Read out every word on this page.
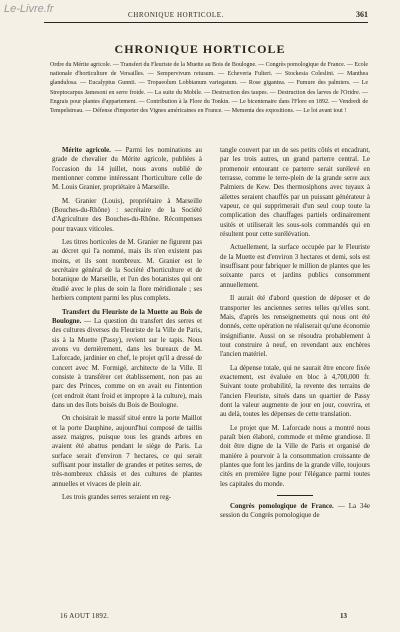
Le-Livre.fr	CHRONIQUE HORTICOLE.	361
CHRONIQUE HORTICOLE

Ordre du Mérite agricole. — Transfert du Fleuriste de la Muette au Bois de Boulogne. — Congrès pomologique de France. — Ecole nationale d'horticulture de Versailles. — Sempervivum retusum. — Echeveria Fulteri. — Stockesia Coleslini. — Manthea glandulosa. — Eucalyptus Gunnii. — Tropaeolum Lobbianum variegatum. — Rose gigantea. — Fumure des palmiers. — Le Streptocarpus Jamesoni en serre froide. — La suite du Mobile. — Destruction des taupes. — Destruction des larves de l'Oridre. — Engrais pour plantes d'appartement. — Contribution à la Flore du Tonkin. — Le bicentenaire dans l'Flore en 1892. — Vendredi de Tempelstreau. — Défense d'importer des Vignes américaines en France. — Mementa des expositions. — Le lot avant tout !

Mérite agricole. — Parmi les nominations au grade de chevalier du Mérite agricole, publiées à l'occasion du 14 juillet, nous avons oublié de mentionner comme intéressant l'horticulture celle de M. Louis Granier, propriétaire à Marseille.

M. Granier (Louis), propriétaire à Marseille (Bouches-du-Rhône) : secrétaire de la Société d'Agriculture des Bouches-du-Rhône. Récompenses pour travaux viticoles.

Les titres horticoles de M. Granier ne figurent pas au décret qui l'a nommé, mais ils n'en existent pas moins, et ils sont nombreux. M. Granier est le secrétaire général de la Société d'horticulture et de botanique de Marseille, et l'un des botanistes qui ont étudié avec le plus de soin la flore méridionale ; ses herbiers comptent parmi les plus complets.

Transfert du Fleuriste de la Muette au Bois de Boulogne. — La question du transfert des serres et des cultures diverses du Fleuriste de la Ville de Paris, sis à la Muette (Passy), revient sur le tapis. Nous avons vu dernièrement, dans les bureaux de M. Laforcade, jardinier en chef, le projet qu'il a dressé de concert avec M. Formigé, architecte de la Ville. Il consiste à transférer cet établissement, non pas au parc des Princes, comme on en avait eu l'intention (cet endroit étant froid et impropre à la culture), mais dans un des îlots boisés du Bois de Boulogne.

On choisirait le massif situé entre la porte Maillot et la porte Dauphine, aujourd'hui composé de taillis assez maigres, puisque tous les grands arbres en avaient été abattus pendant le siège de Paris. La surface serait d'environ 7 hectares, ce qui serait suffisant pour installer de grandes et petites serres, de très-nombreux châssis et des cultures de plantes annuelles et vivaces de plein air.

Les trois grandes serres seraient en reg-

tangle couvert par un de ses petits côtés et encadrant, par les trois autres, un grand parterre central. Le promenoir entourant ce parterre serait surélevé en terrasse, comme le terre-plein de la grande serre aux Palmiers de Kew. Des thermosiphons avec tuyaux à ailettes seraient chauffés par un puissant générateur à vapeur, ce qui supprimerait d'un seul coup toute la complication des chauffages partiels ordinairement usités et utiliserait les sous-sols commandés qui en résultent pour cette surélévation.

Actuellement, la surface occupée par le Fleuriste de la Muette est d'environ 3 hectares et demi, sols est insuffisant pour fabriquer le million de plantes que les soixante parcs et jardins publics consomment annuellement.

Il aurait été d'abord question de déposer et de transporter les anciennes serres telles qu'elles sont. Mais, d'après les renseignements qui nous ont été donnés, cette opération ne réaliserait qu'une économie insignifiante. Aussi on se résoudra probablement à tout construire à neuf, en revendant aux enchères l'ancien matériel.

La dépense totale, qui ne saurait être encore fixée exactement, est évaluée en bloc à 4,700,000 fr. Suivant toute probabilité, la revente des terrains de l'ancien Fleuriste, situés dans un quartier de Passy dont la valeur augmente de jour en jour, couvrira, et au delà, toutes les dépenses de cette translation.

Le projet que M. Laforcade nous a montré nous paraît bien élaboré, commode et même grandiose. Il doit être digne de la Ville de Paris et organisé de manière à pourvoir à la consommation croissante de plantes que font les jardins de la grande ville, toujours cités en première ligne pour l'élégance parmi toutes les capitales du monde.

Congrès pomologique de France. — La 34e session du Congrès pomologique de

16 AOUT 1892.	13
